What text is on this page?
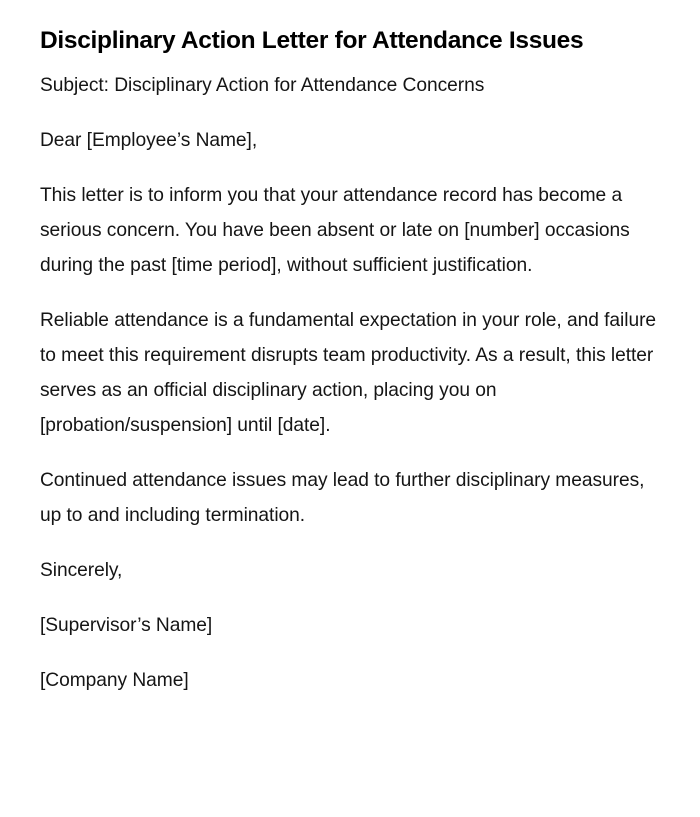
Disciplinary Action Letter for Attendance Issues

Subject: Disciplinary Action for Attendance Concerns

Dear [Employee’s Name],

This letter is to inform you that your attendance record has become a serious concern. You have been absent or late on [number] occasions during the past [time period], without sufficient justification.

Reliable attendance is a fundamental expectation in your role, and failure to meet this requirement disrupts team productivity. As a result, this letter serves as an official disciplinary action, placing you on [probation/suspension] until [date].

Continued attendance issues may lead to further disciplinary measures, up to and including termination.

Sincerely,

[Supervisor’s Name]

[Company Name]
